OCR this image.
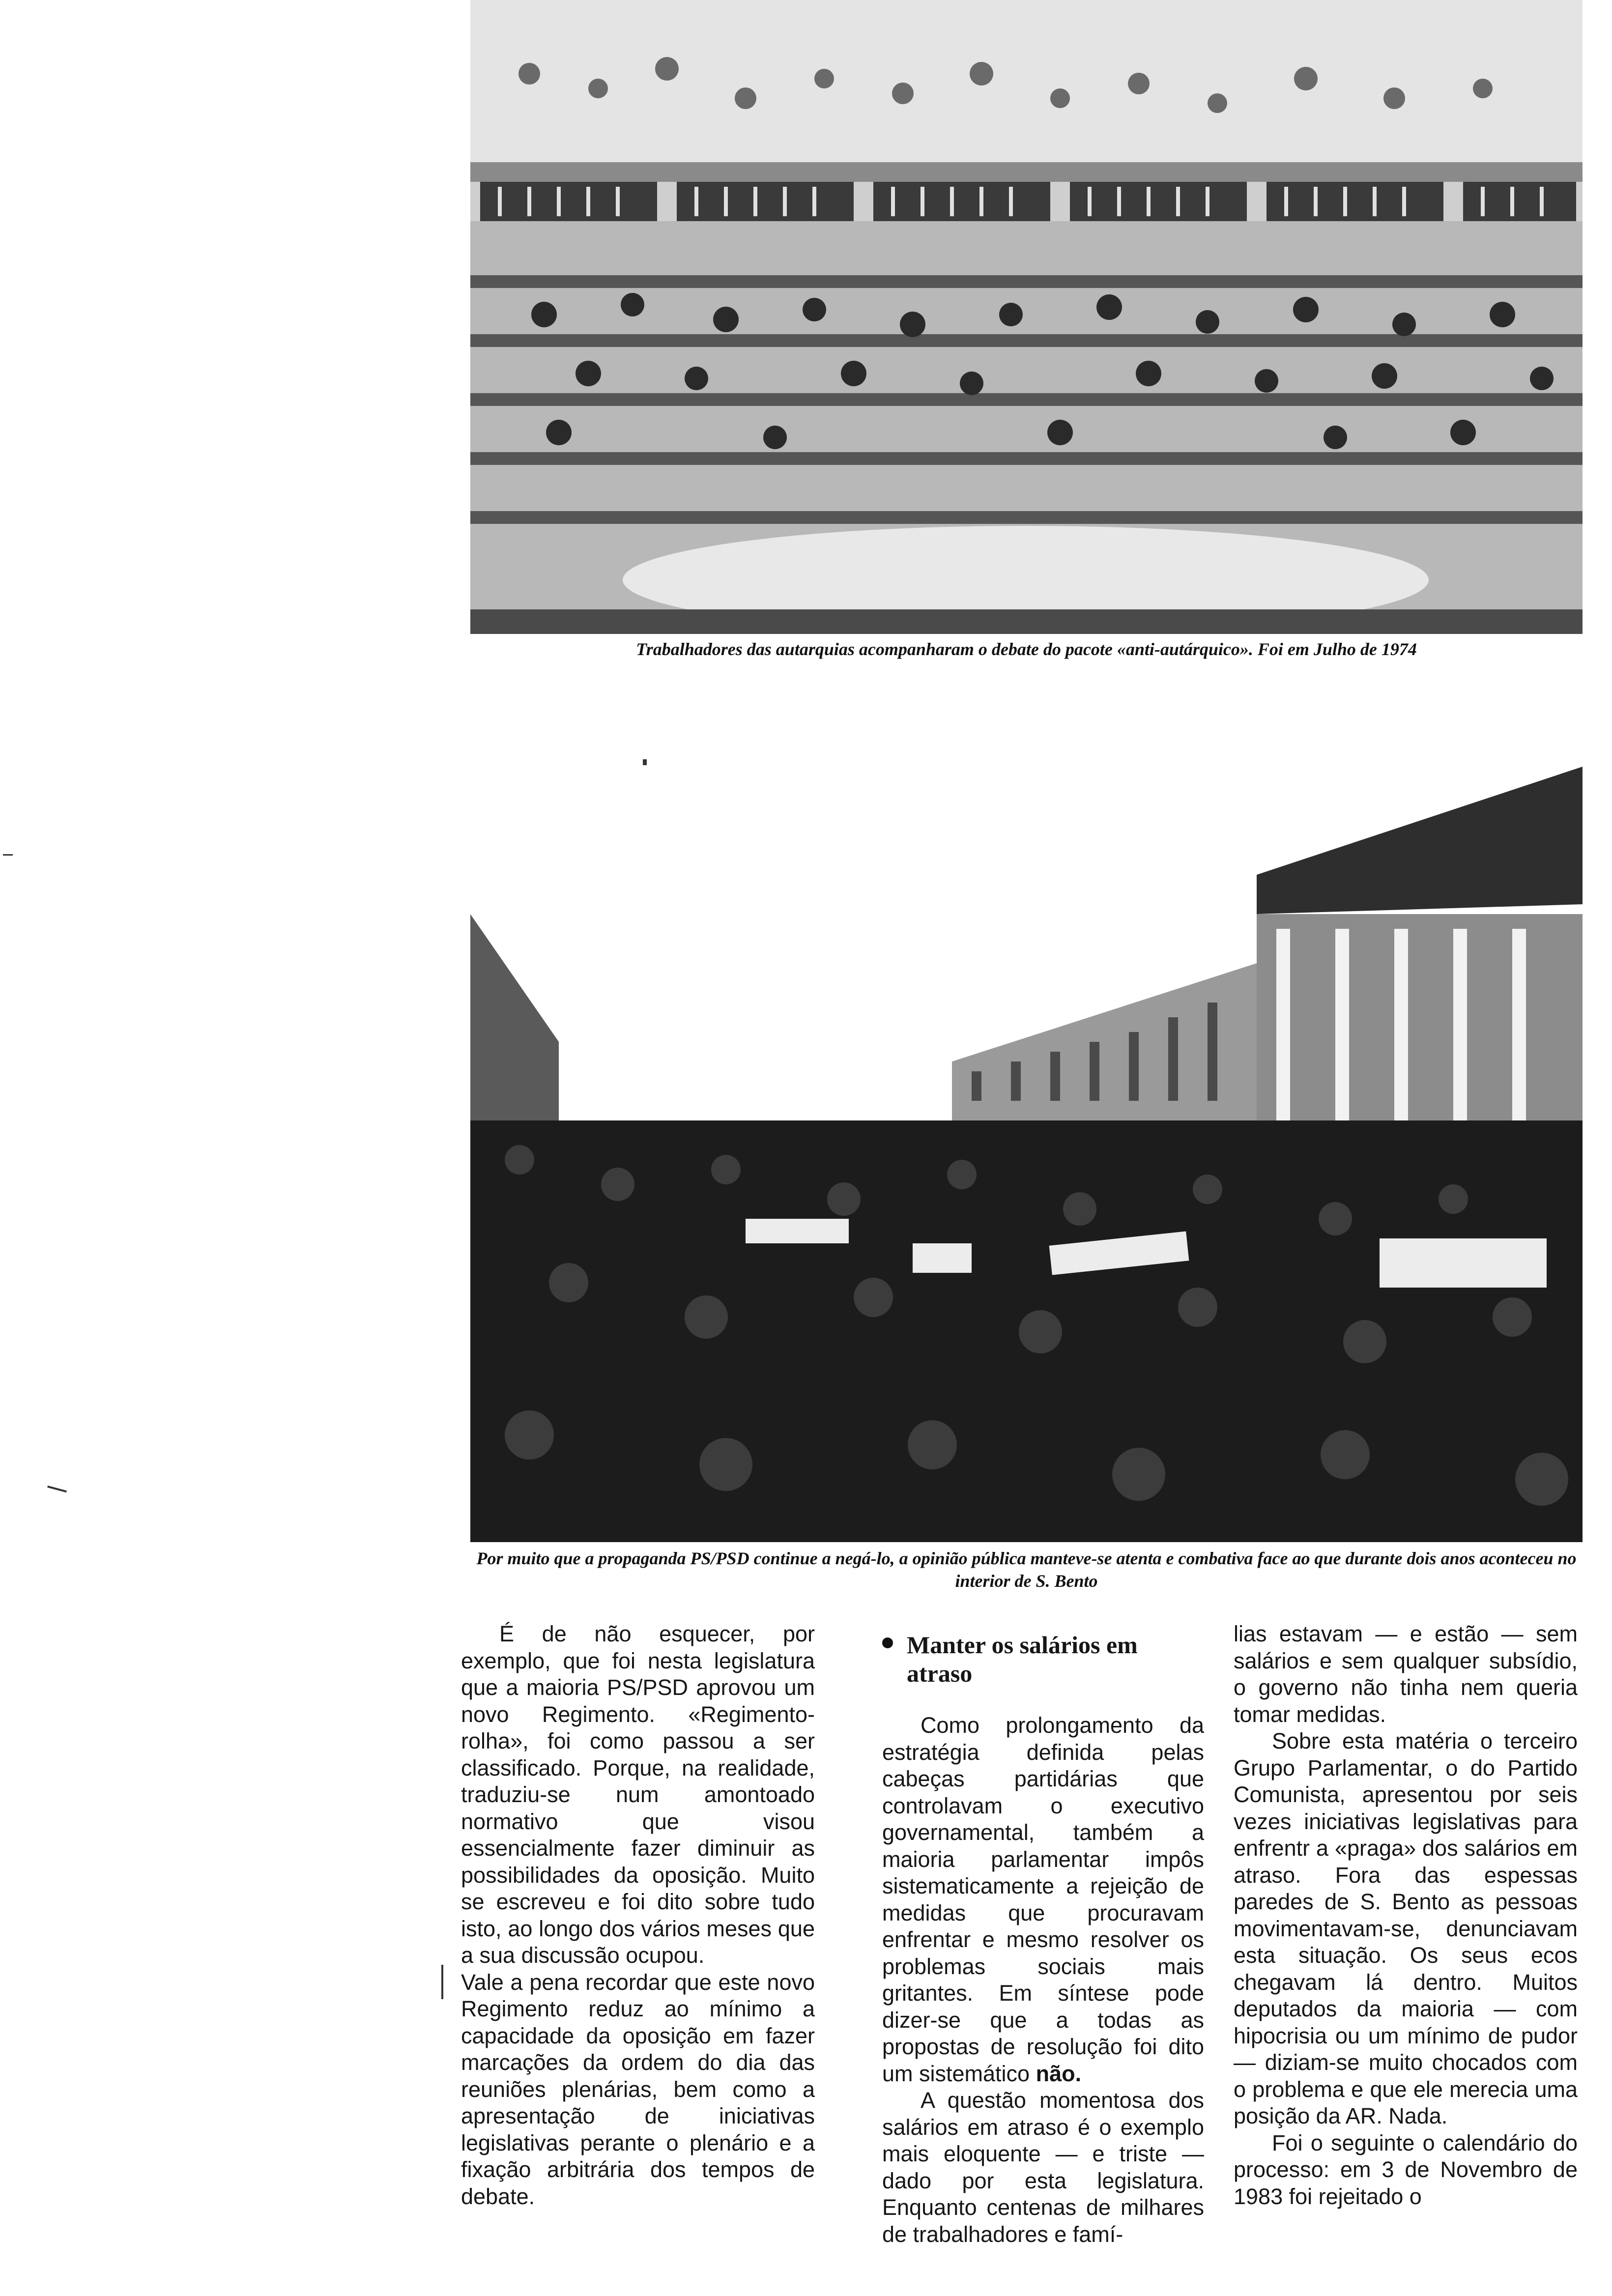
Trabalhadores das autarquias acompanharam o debate do pacote «anti-autárquico». Foi em Julho de 1974
Por muito que a propaganda PS/PSD continue a negá-lo, a opinião pública manteve-se atenta e combativa face ao que durante dois anos aconteceu no interior de S. Bento

É de não esquecer, por exemplo, que foi nesta legislatura que a maioria PS/PSD aprovou um novo Regimento. «Regimento-rolha», foi como passou a ser classificado. Porque, na realidade, traduziu-se num amontoado normativo que visou essencialmente fazer diminuir as possibilidades da oposição. Muito se escreveu e foi dito sobre tudo isto, ao longo dos vários meses que a sua discussão ocupou.

Vale a pena recordar que este novo Regimento reduz ao mínimo a capacidade da oposição em fazer marcações da ordem do dia das reuniões plenárias, bem como a apresentação de iniciativas legislativas perante o plenário e a fixação arbitrária dos tempos de debate.

Manter os salários em atraso

Como prolongamento da estratégia definida pelas cabeças partidárias que controlavam o executivo governamental, também a maioria parlamentar impôs sistematicamente a rejeição de medidas que procuravam enfrentar e mesmo resolver os problemas sociais mais gritantes. Em síntese pode dizer-se que a todas as propostas de resolução foi dito um sistemático não.

A questão momentosa dos salários em atraso é o exemplo mais eloquente — e triste — dado por esta legislatura. Enquanto centenas de milhares de trabalhadores e famí-

lias estavam — e estão — sem salários e sem qualquer subsídio, o governo não tinha nem queria tomar medidas.

Sobre esta matéria o terceiro Grupo Parlamentar, o do Partido Comunista, apresentou por seis vezes iniciativas legislativas para enfrentr a «praga» dos salários em atraso. Fora das espessas paredes de S. Bento as pessoas movimentavam-se, denunciavam esta situação. Os seus ecos chegavam lá dentro. Muitos deputados da maioria — com hipocrisia ou um mínimo de pudor — diziam-se muito chocados com o problema e que ele merecia uma posição da AR. Nada.

Foi o seguinte o calendário do processo: em 3 de Novembro de 1983 foi rejeitado o
